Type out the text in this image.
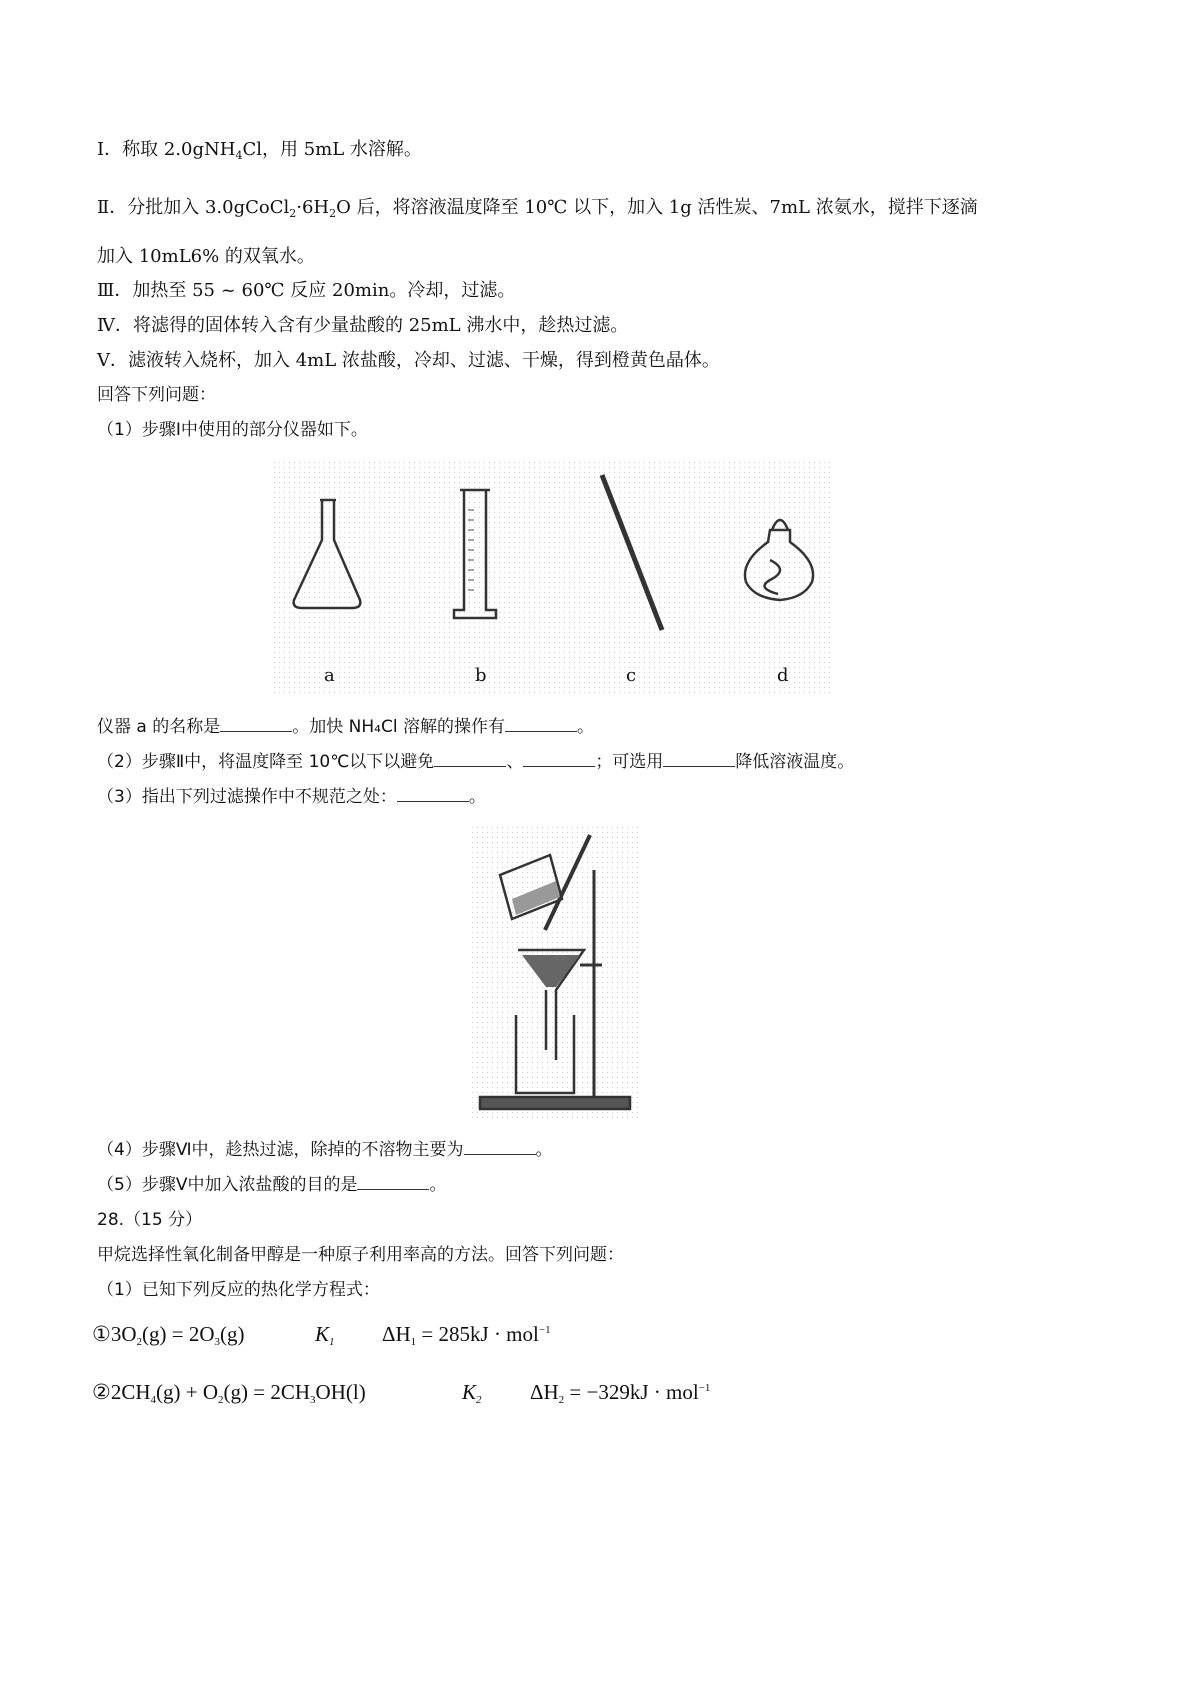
Ⅰ．称取 2.0gNH$_4$Cl，用 5mL 水溶解。
Ⅱ．分批加入 $3.0gCoCl_2\cdot 6H_2O$ 后，将溶液温度降至 10℃ 以下，加入 1g 活性炭、7mL 浓氨水，搅拌下逐滴
加入 10mL6% 的双氧水。
Ⅲ．加热至 55 ~ 60℃ 反应 20min。冷却，过滤。
Ⅳ．将滤得的固体转入含有少量盐酸的 25mL 沸水中，趁热过滤。
Ⅴ．滤液转入烧杯，加入 4mL 浓盐酸，冷却、过滤、干燥，得到橙黄色晶体。
回答下列问题：
（1）步骤Ⅰ中使用的部分仪器如下。
a	b	c	d
仪器 a 的名称是	。加快 NH₄Cl 溶解的操作有	。
（2）步骤Ⅱ中，将温度降至 10℃以下以避免	、	；可选用	降低溶液温度。
（3）指出下列过滤操作中不规范之处：	。
（4）步骤Ⅵ中，趁热过滤，除掉的不溶物主要为	。
（5）步骤Ⅴ中加入浓盐酸的目的是	。
28.（15 分）
甲烷选择性氧化制备甲醇是一种原子利用率高的方法。回答下列问题：
（1）已知下列反应的热化学方程式：
$①3O_2(g) = 2O_3(g)$	$K_1$ $\Delta H_1 = 285kJ \cdot mol^{-1}$
$②2CH_4(g) + O_2(g) = 2CH_3OH(l)$	$K_2$ $\Delta H_2 = -329kJ \cdot mol^{-1}$
